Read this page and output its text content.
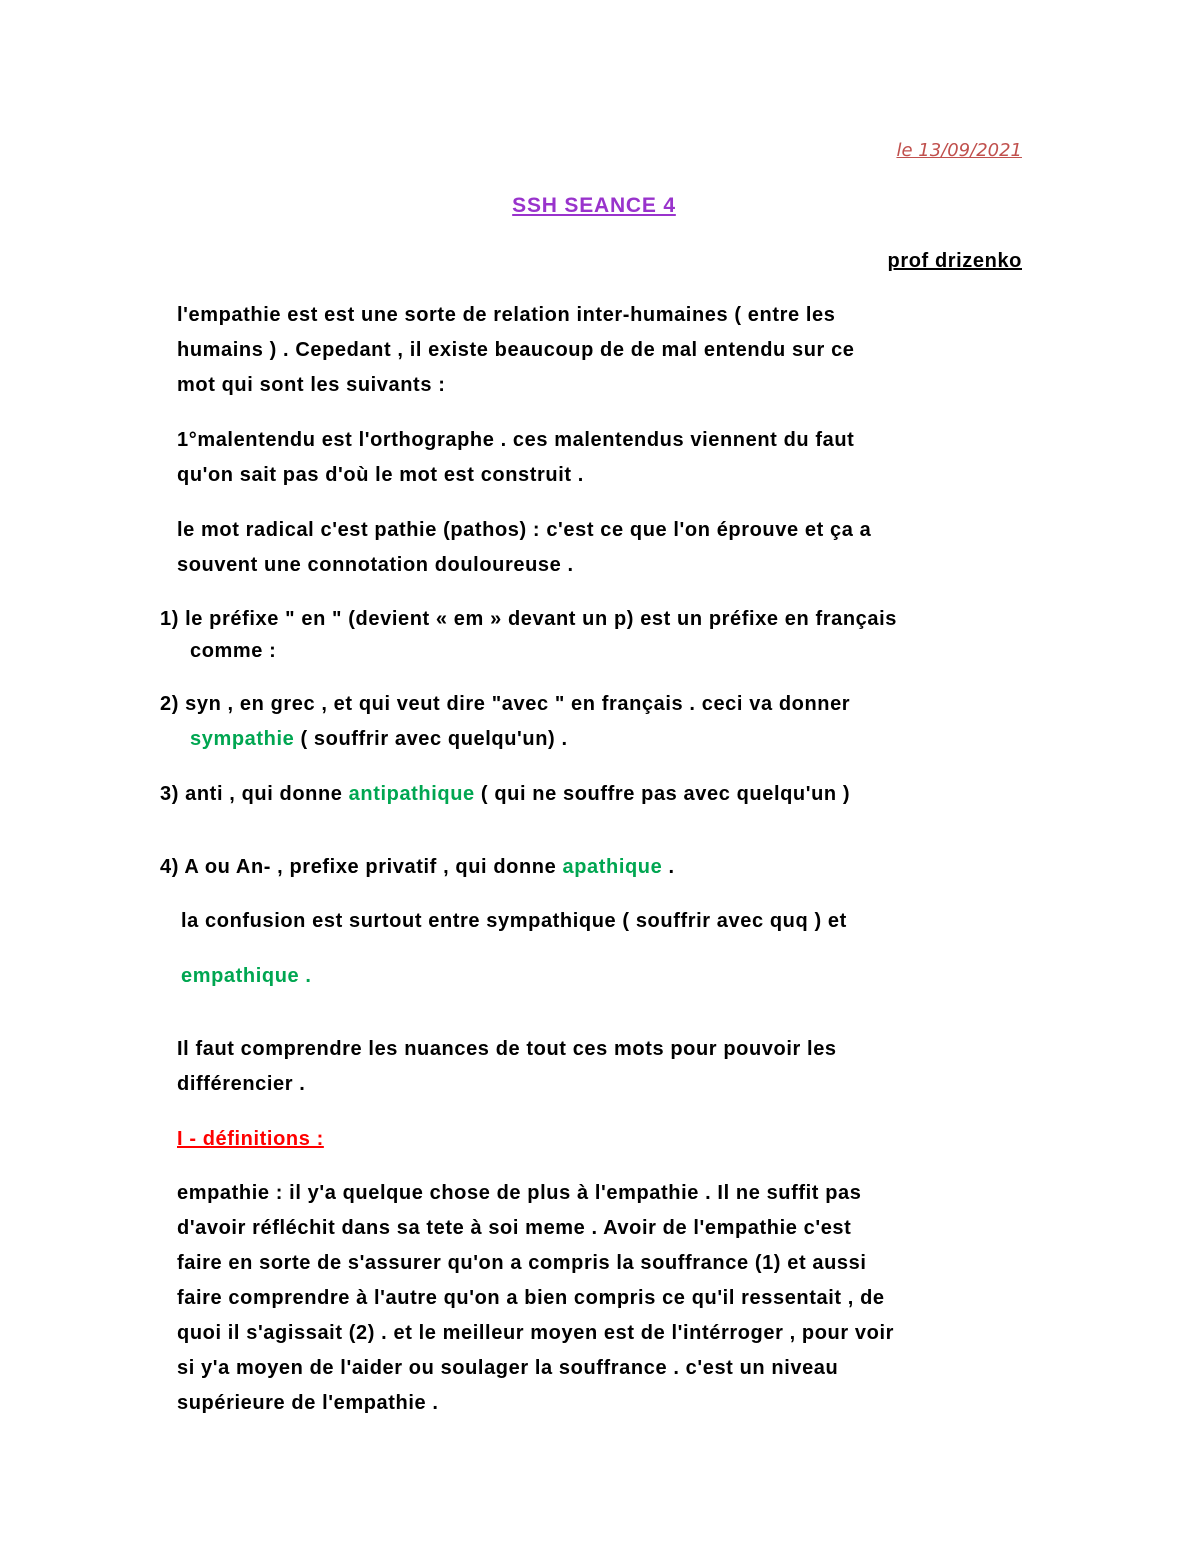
le 13/09/2021
SSH SEANCE 4
prof drizenko
l'empathie est est une sorte de relation inter-humaines ( entre les
humains ) . Cepedant , il existe beaucoup de de mal entendu sur ce
mot qui sont les suivants :
1°malentendu est l'orthographe . ces malentendus viennent du faut
qu'on sait pas d'où le mot est construit .
le mot radical c'est pathie (pathos) : c'est ce que l'on éprouve et ça a
souvent une connotation douloureuse .
1) le préfixe " en " (devient « em » devant un p) est un préfixe en français
comme :
2) syn , en grec , et qui veut dire "avec " en français . ceci va donner
sympathie ( souffrir avec quelqu'un) .
3) anti , qui donne antipathique ( qui ne souffre pas avec quelqu'un )
4) A ou An- , prefixe privatif , qui donne apathique .
la confusion est surtout entre sympathique ( souffrir avec quq ) et
empathique .
Il faut comprendre les nuances de tout ces mots pour pouvoir les
différencier .
I - définitions :
empathie : il y'a quelque chose de plus à l'empathie . Il ne suffit pas
d'avoir réfléchit dans sa tete à soi meme . Avoir de l'empathie c'est
faire en sorte de s'assurer qu'on a compris la souffrance (1) et aussi
faire comprendre à l'autre qu'on a bien compris ce qu'il ressentait , de
quoi il s'agissait (2) . et le meilleur moyen est de l'intérroger , pour voir
si y'a moyen de l'aider ou soulager la souffrance . c'est un niveau
supérieure de l'empathie .
